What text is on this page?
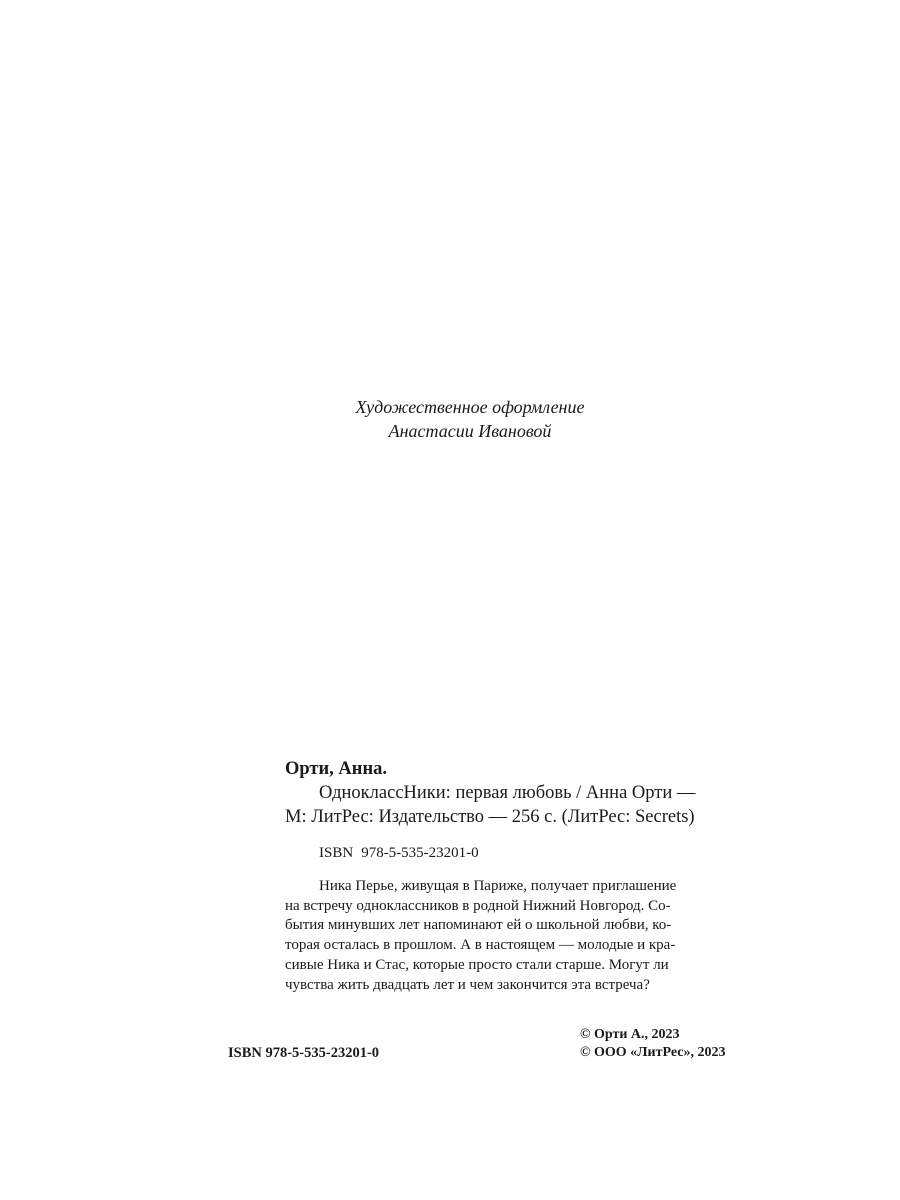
Художественное оформление
Анастасии Ивановой
Орти, Анна.
ОдноклассНики: первая любовь / Анна Орти —
М: ЛитРес: Издательство — 256 с. (ЛитРес: Secrets)
ISBN 978-5-535-23201-0
Ника Перье, живущая в Париже, получает приглашение
на встречу одноклассников в родной Нижний Новгород. Со-
бытия минувших лет напоминают ей о школьной любви, ко-
торая осталась в прошлом. А в настоящем — молодые и кра-
сивые Ника и Стас, которые просто стали старше. Могут ли
чувства жить двадцать лет и чем закончится эта встреча?
ISBN 978-5-535-23201-0
© Орти А., 2023
© ООО «ЛитРес», 2023
